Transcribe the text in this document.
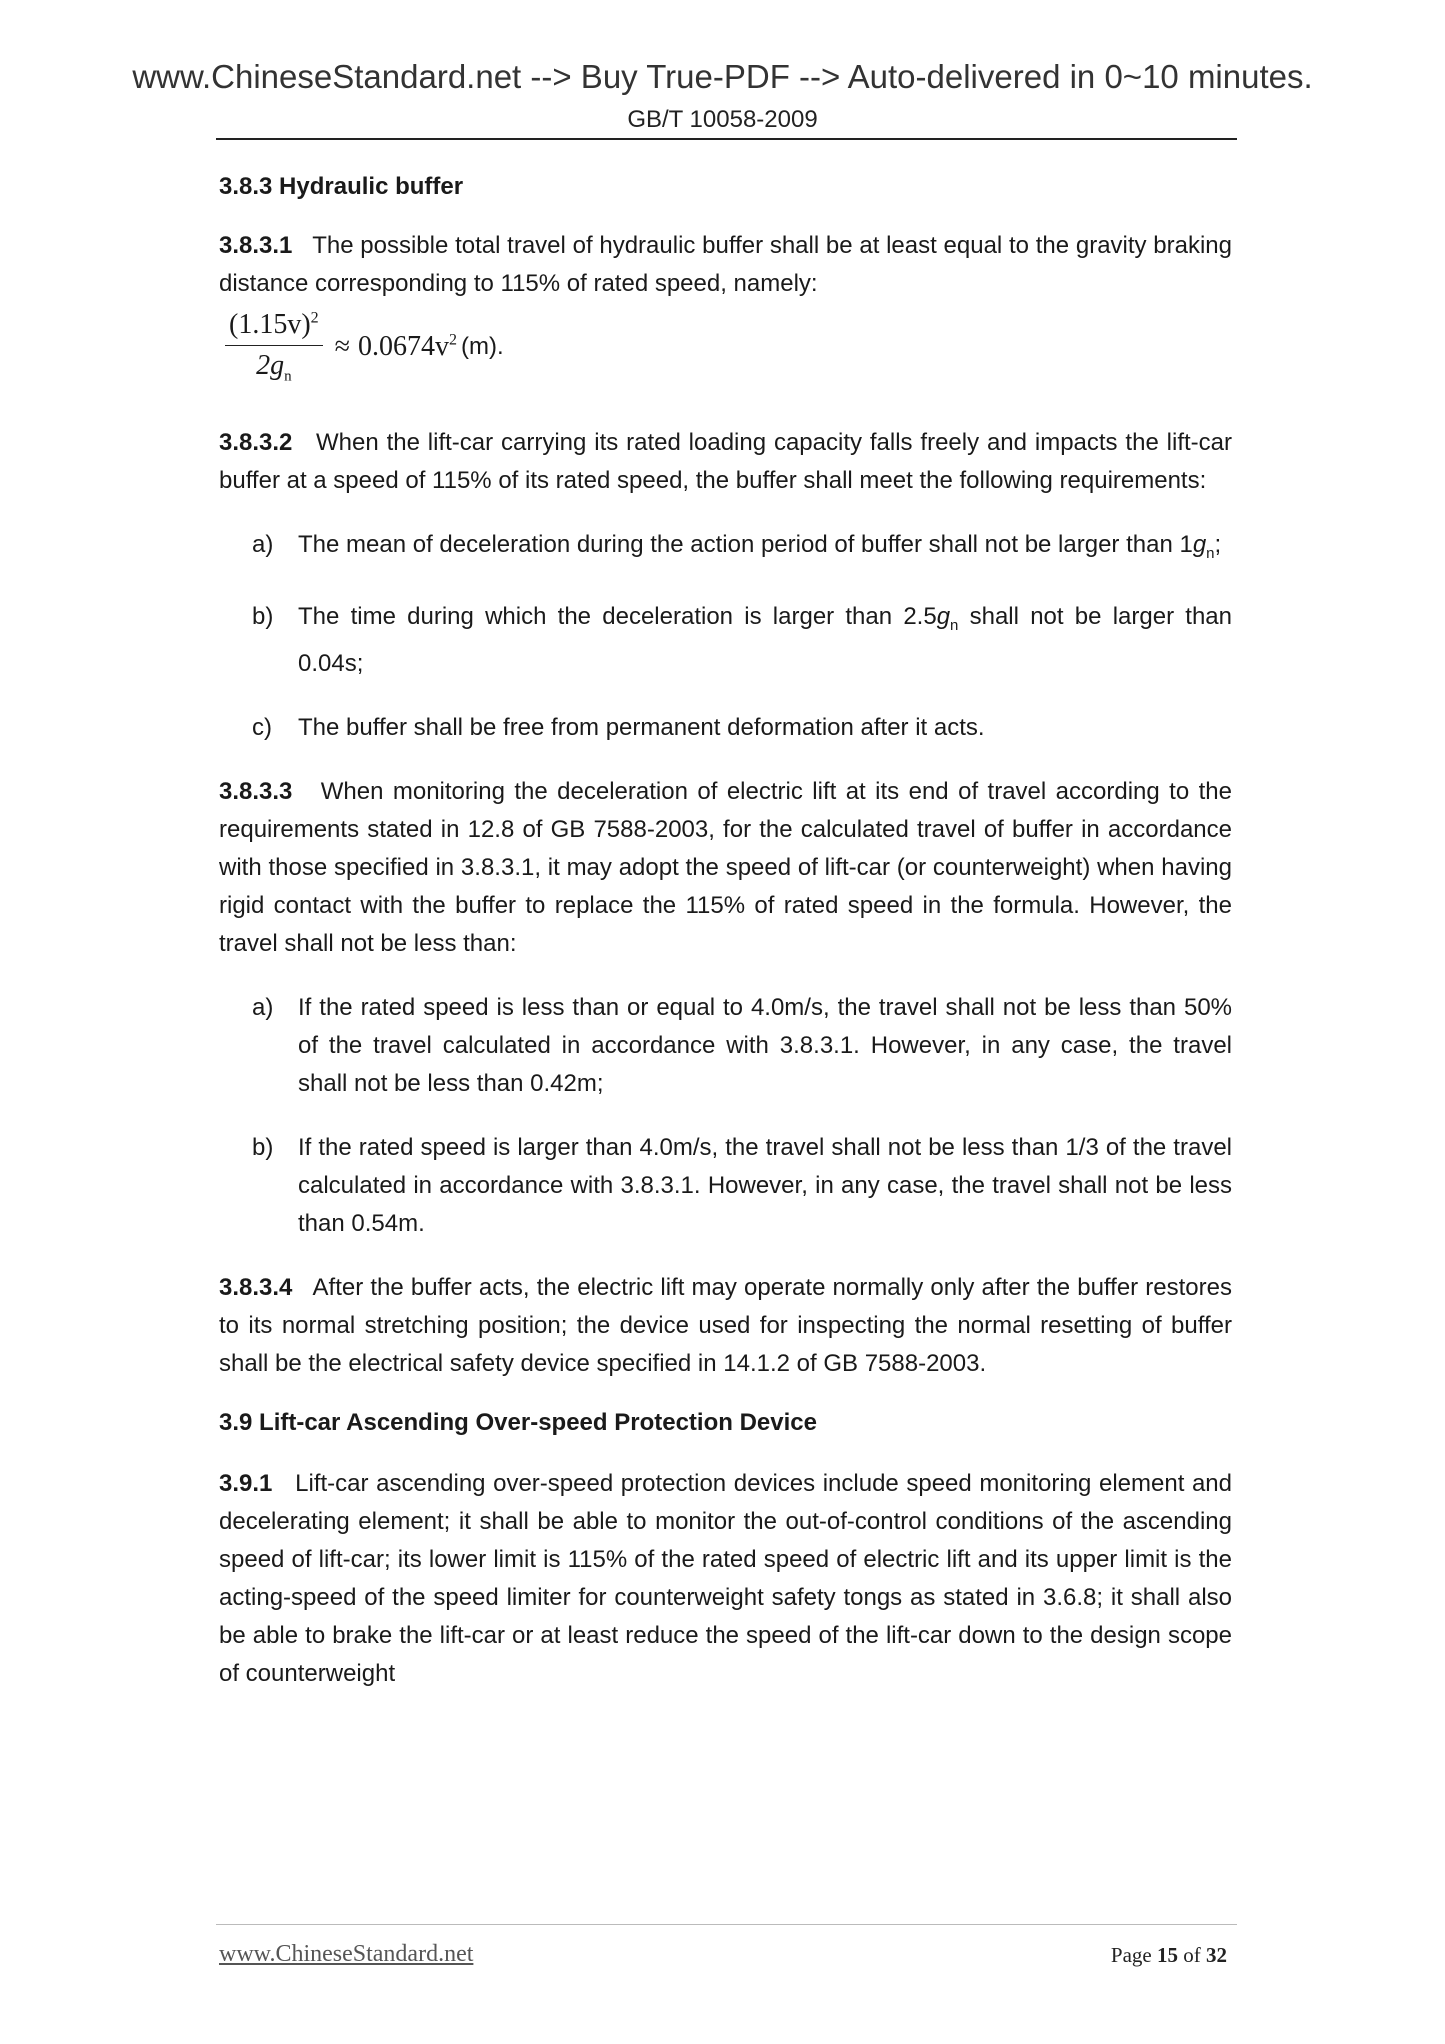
www.ChineseStandard.net --> Buy True-PDF --> Auto-delivered in 0~10 minutes.
GB/T 10058-2009
3.8.3 Hydraulic buffer
3.8.3.1 The possible total travel of hydraulic buffer shall be at least equal to the gravity braking distance corresponding to 115% of rated speed, namely:
$\frac{(1.15v)^2}{2g_n} \approx 0.0674v^2$ (m).
3.8.3.2 When the lift-car carrying its rated loading capacity falls freely and impacts the lift-car buffer at a speed of 115% of its rated speed, the buffer shall meet the following requirements:
a)	The mean of deceleration during the action period of buffer shall not be larger than $1g_n$;
b)	The time during which the deceleration is larger than $2.5g_n$ shall not be larger than 0.04s;
c)	The buffer shall be free from permanent deformation after it acts.
3.8.3.3 When monitoring the deceleration of electric lift at its end of travel according to the requirements stated in 12.8 of GB 7588-2003, for the calculated travel of buffer in accordance with those specified in 3.8.3.1, it may adopt the speed of lift-car (or counterweight) when having rigid contact with the buffer to replace the 115% of rated speed in the formula. However, the travel shall not be less than:
a)	If the rated speed is less than or equal to 4.0m/s, the travel shall not be less than 50% of the travel calculated in accordance with 3.8.3.1. However, in any case, the travel shall not be less than 0.42m;
b)	If the rated speed is larger than 4.0m/s, the travel shall not be less than 1/3 of the travel calculated in accordance with 3.8.3.1. However, in any case, the travel shall not be less than 0.54m.
3.8.3.4 After the buffer acts, the electric lift may operate normally only after the buffer restores to its normal stretching position; the device used for inspecting the normal resetting of buffer shall be the electrical safety device specified in 14.1.2 of GB 7588-2003.
3.9 Lift-car Ascending Over-speed Protection Device
3.9.1 Lift-car ascending over-speed protection devices include speed monitoring element and decelerating element; it shall be able to monitor the out-of-control conditions of the ascending speed of lift-car; its lower limit is 115% of the rated speed of electric lift and its upper limit is the acting-speed of the speed limiter for counterweight safety tongs as stated in 3.6.8; it shall also be able to brake the lift-car or at least reduce the speed of the lift-car down to the design scope of counterweight
www.ChineseStandard.net	Page 15 of 32
